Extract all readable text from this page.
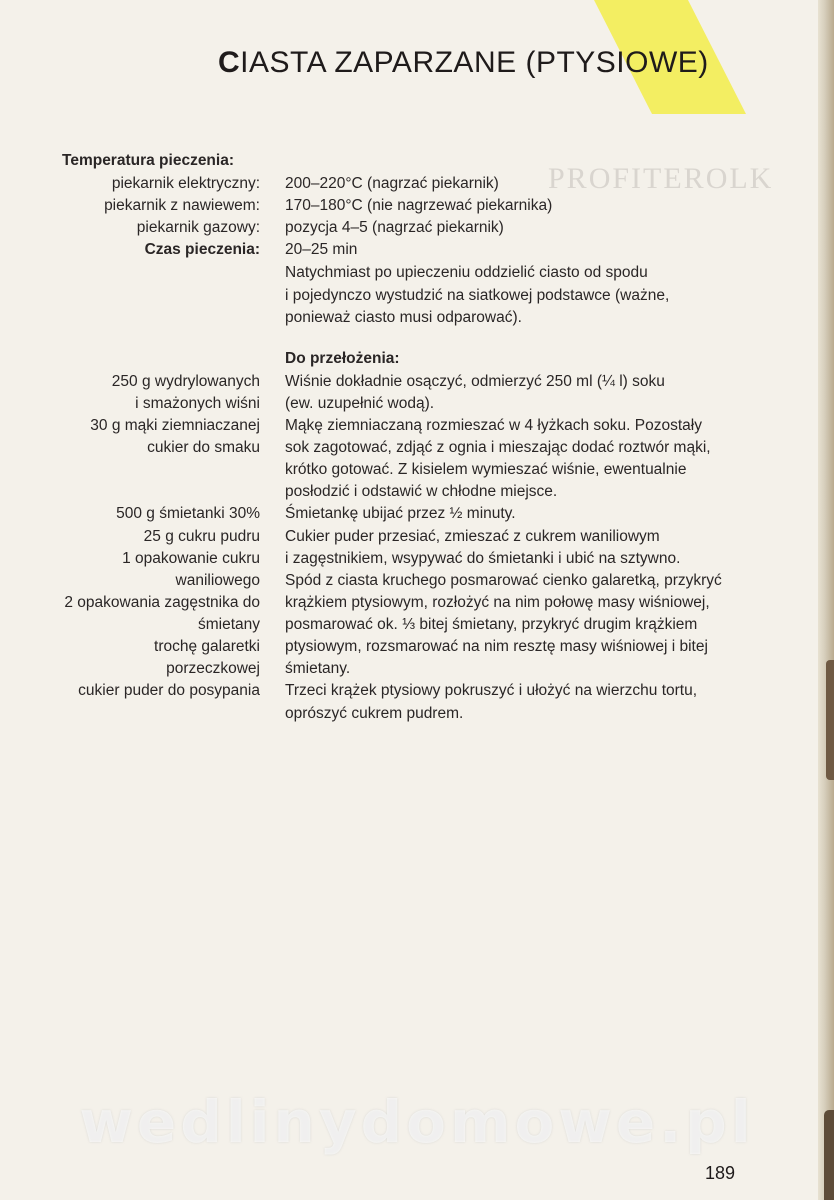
PROFITEROLK
CIASTA ZAPARZANE (PTYSIOWE)
Temperatura pieczenia:
piekarnik elektryczny: 200–220°C (nagrzać piekarnik)
piekarnik z nawiewem: 170–180°C (nie nagrzewać piekarnika)
piekarnik gazowy: pozycja 4–5 (nagrzać piekarnik)
Czas pieczenia: 20–25 min
Natychmiast po upieczeniu oddzielić ciasto od spodu
i pojedynczo wystudzić na siatkowej podstawce (ważne,
ponieważ ciasto musi odparować).
Do przełożenia:
250 g wydrylowanych
i smażonych wiśni
30 g mąki ziemniaczanej
cukier do smaku
500 g śmietanki 30%
25 g cukru pudru
1 opakowanie cukru
waniliowego
2 opakowania zagęstnika do
śmietany
trochę galaretki
porzeczkowej
cukier puder do posypania
Wiśnie dokładnie osączyć, odmierzyć 250 ml (¼ l) soku
(ew. uzupełnić wodą).
Mąkę ziemniaczaną rozmieszać w 4 łyżkach soku. Pozostały
sok zagotować, zdjąć z ognia i mieszając dodać roztwór mąki,
krótko gotować. Z kisielem wymieszać wiśnie, ewentualnie
posłodzić i odstawić w chłodne miejsce.
Śmietankę ubijać przez ½ minuty.
Cukier puder przesiać, zmieszać z cukrem waniliowym
i zagęstnikiem, wsypywać do śmietanki i ubić na sztywno.
Spód z ciasta kruchego posmarować cienko galaretką, przykryć
krążkiem ptysiowym, rozłożyć na nim połowę masy wiśniowej,
posmarować ok. ⅓ bitej śmietany, przykryć drugim krążkiem
ptysiowym, rozsmarować na nim resztę masy wiśniowej i bitej
śmietany.
Trzeci krążek ptysiowy pokruszyć i ułożyć na wierzchu tortu,
oprószyć cukrem pudrem.
wedlinydomowe.pl
189
